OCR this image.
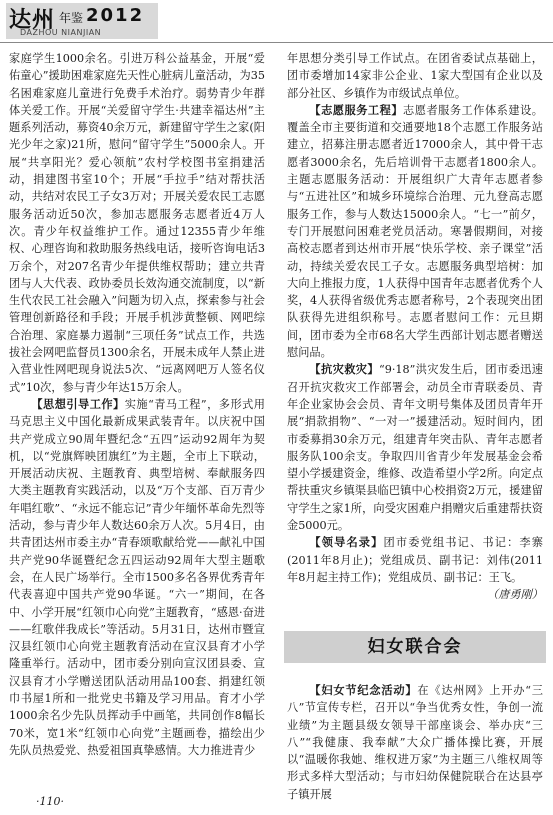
达州 年鉴 2012
DAZHOU NIANJIAN

家庭学生1000余名。引进万科公益基金，开展“爱佑童心”援助困难家庭先天性心脏病儿童活动，为35名困难家庭儿童进行免费手术治疗。弱势青少年群体关爱工作。开展“关爱留守学生·共建幸福达州”主题系列活动，募资40余万元，新建留守学生之家(阳光少年之家)21所，慰问“留守学生”5000余人。开展“共享阳光？爱心领航”农村学校图书室捐建活动，捐建图书室10个；开展“手拉手”结对帮扶活动，共结对农民工子女3万对；开展关爱农民工志愿服务活动近50次，参加志愿服务志愿者近4万人次。青少年权益维护工作。通过12355青少年维权、心理咨询和救助服务热线电话，接听咨询电话3万余个，对207名青少年提供维权帮助；建立共青团与人大代表、政协委员长效沟通交流制度，以“新生代农民工社会融入”问题为切入点，探索参与社会管理创新路径和手段；开展手机涉黄整顿、网吧综合治理、家庭暴力遏制“三项任务”试点工作，共选拔社会网吧监督员1300余名，开展未成年人禁止进入营业性网吧现身说法5次、“远离网吧万人签名仪式”10次，参与青少年达15万余人。

【思想引导工作】实施“青马工程”，多形式用马克思主义中国化最新成果武装青年。以庆祝中国共产党成立90周年暨纪念“五四”运动92周年为契机，以“党旗辉映团旗红”为主题，全市上下联动，开展活动庆祝、主题教育、典型培树、奉献服务四大类主题教育实践活动，以及“万个支部、百万青少年唱红歌”、“永远不能忘记”青少年缅怀革命先烈等活动，参与青少年人数达60余万人次。5月4日，由共青团达州市委主办“青春颂歌献给党——献礼中国共产党90华诞暨纪念五四运动92周年大型主题歌会，在人民广场举行。全市1500多名各界优秀青年代表喜迎中国共产党90华诞。“六一”期间，在各中、小学开展“红领巾心向党”主题教育，“感恩·奋进——红歌伴我成长”等活动。5月31日，达州市暨宣汉县红领巾心向党主题教育活动在宣汉县育才小学隆重举行。活动中，团市委分别向宣汉团县委、宣汉县育才小学赠送团队活动用品100套、捐建红领巾书屋1所和一批党史书籍及学习用品。育才小学1000余名少先队员挥动手中画笔，共同创作8幅长70米，宽1米“红领巾心向党”主题画卷，描绘出少先队员热爱党、热爱祖国真挚感情。大力推进青少

年思想分类引导工作试点。在团省委试点基础上，团市委增加14家非公企业、1家大型国有企业以及部分社区、乡镇作为市级试点单位。

【志愿服务工程】志愿者服务工作体系建设。覆盖全市主要街道和交通要地18个志愿工作服务站建立，招募注册志愿者近17000余人，其中骨干志愿者3000余名，先后培训骨干志愿者1800余人。主题志愿服务活动：开展组织广大青年志愿者参与“五进社区”和城乡环境综合治理、元九登高志愿服务工作，参与人数达15000余人。“七一”前夕，专门开展慰问困难老党员活动。寒暑假期间，对接高校志愿者到达州市开展“快乐学校、亲子课堂”活动，持续关爱农民工子女。志愿服务典型培树：加大向上推报力度，1人获得中国青年志愿者优秀个人奖，4人获得省级优秀志愿者称号，2个表现突出团队获得先进组织称号。志愿者慰问工作：元旦期间，团市委为全市68名大学生西部计划志愿者赠送慰问品。

【抗灾救灾】“9·18”洪灾发生后，团市委迅速召开抗灾救灾工作部署会，动员全市青联委员、青年企业家协会会员、青年文明号集体及团员青年开展“捐款捐物”、“一对一”援建活动。短时间内，团市委募捐30余万元，组建青年突击队、青年志愿者服务队100余支。争取四川省青少年发展基金会希望小学援建资金，维修、改造希望小学2所。向定点帮扶重灾乡镇渠县临巴镇中心校捐资2万元，援建留守学生之家1所，向受灾困难户捐赠灾后重建帮扶资金5000元。

【领导名录】团市委党组书记、书记：李寨(2011年8月止)；党组成员、副书记：刘伟(2011年8月起主持工作)；党组成员、副书记：王飞。

（唐勇刚）

妇女联合会

【妇女节纪念活动】在《达州网》上开办“三八”节宣传专栏，召开以“争当优秀女性，争创一流业绩”为主题县级女领导干部座谈会、举办庆“三八”“我健康、我奉献”大众广播体操比赛，开展以“温暖你我她、维权进万家”为主题三八维权周等形式多样大型活动；与市妇幼保健院联合在达县亭子镇开展

·110·
